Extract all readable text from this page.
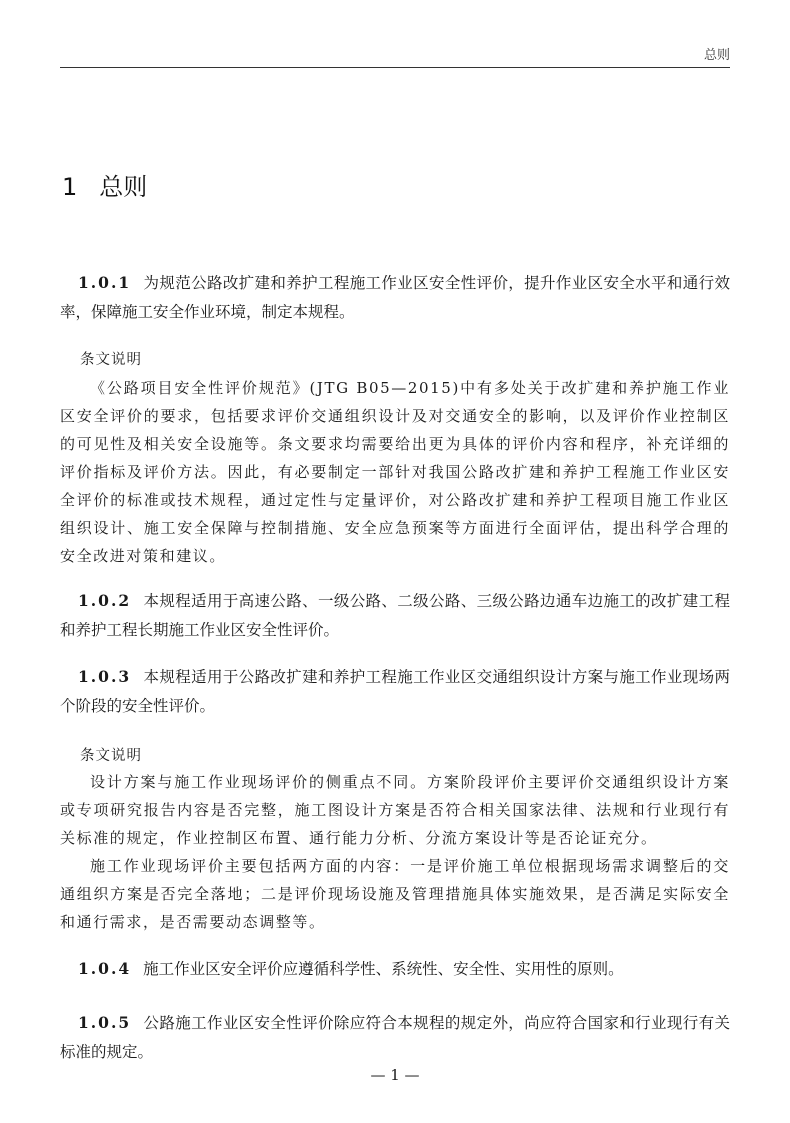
总则
1 总则

1.0.1 为规范公路改扩建和养护工程施工作业区安全性评价，提升作业区安全水平和通行效率，保障施工安全作业环境，制定本规程。

条文说明

《公路项目安全性评价规范》(JTG B05—2015)中有多处关于改扩建和养护施工作业区安全评价的要求，包括要求评价交通组织设计及对交通安全的影响，以及评价作业控制区的可见性及相关安全设施等。条文要求均需要给出更为具体的评价内容和程序，补充详细的评价指标及评价方法。因此，有必要制定一部针对我国公路改扩建和养护工程施工作业区安全评价的标准或技术规程，通过定性与定量评价，对公路改扩建和养护工程项目施工作业区组织设计、施工安全保障与控制措施、安全应急预案等方面进行全面评估，提出科学合理的安全改进对策和建议。

1.0.2 本规程适用于高速公路、一级公路、二级公路、三级公路边通车边施工的改扩建工程和养护工程长期施工作业区安全性评价。

1.0.3 本规程适用于公路改扩建和养护工程施工作业区交通组织设计方案与施工作业现场两个阶段的安全性评价。

条文说明

设计方案与施工作业现场评价的侧重点不同。方案阶段评价主要评价交通组织设计方案或专项研究报告内容是否完整，施工图设计方案是否符合相关国家法律、法规和行业现行有关标准的规定，作业控制区布置、通行能力分析、分流方案设计等是否论证充分。

施工作业现场评价主要包括两方面的内容：一是评价施工单位根据现场需求调整后的交通组织方案是否完全落地；二是评价现场设施及管理措施具体实施效果，是否满足实际安全和通行需求，是否需要动态调整等。

1.0.4 施工作业区安全评价应遵循科学性、系统性、安全性、实用性的原则。

1.0.5 公路施工作业区安全性评价除应符合本规程的规定外，尚应符合国家和行业现行有关标准的规定。

— 1 —
